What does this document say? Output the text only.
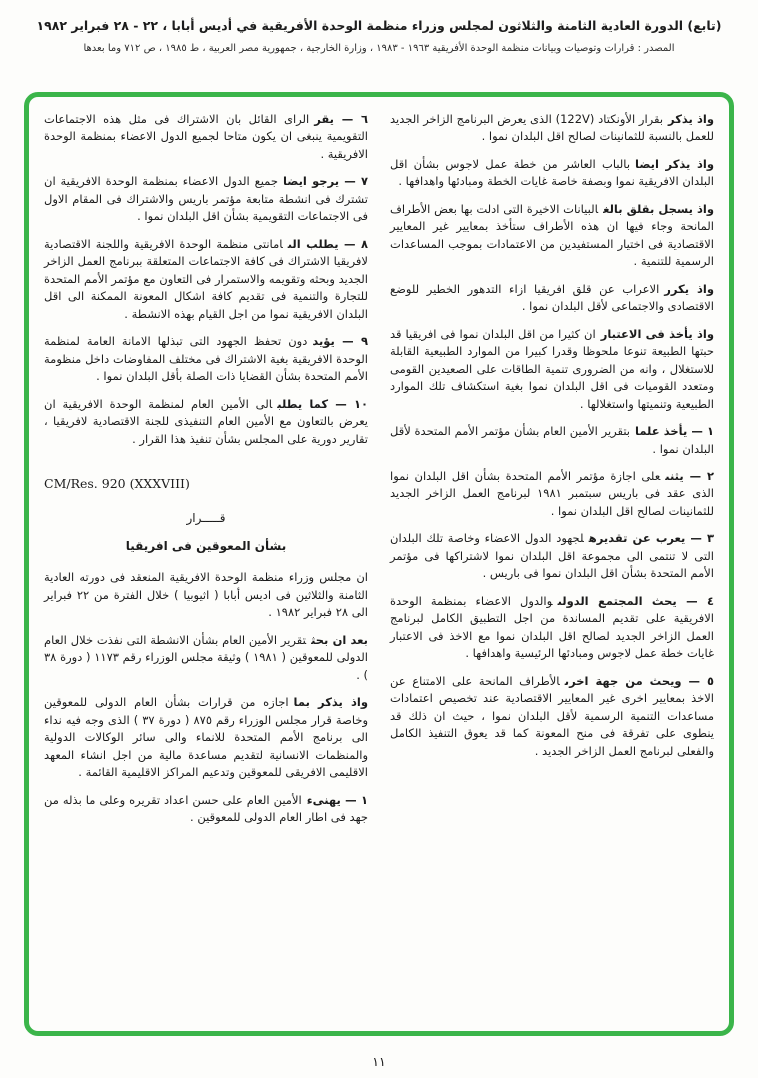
(تابع) الدورة العادية الثامنة والثلاثون لمجلس وزراء منظمة الوحدة الأفريقية في أديس أبابا ، ٢٢ - ٢٨ فبراير ١٩٨٢
المصدر : قرارات وتوصيات وبيانات منظمة الوحدة الأفريقية ١٩٦٣ - ١٩٨٣ ، وزارة الخارجية ، جمهورية مصر العربية ، ط ١٩٨٥ ، ص ٧١٢ وما بعدها

واذ يذكربقرار الأونكتاد (122V) الذى يعرض البرنامج الزاخر الجديد للعمل بالنسبة للثمانينات لصالح اقل البلدان نموا .

واذ يذكر ايضابالباب العاشر من خطة عمل لاجوس بشأن اقل البلدان الافريقية نموا وبصفة خاصة غايات الخطة ومبادئها واهدافها .

واذ يسجل بقلق بالغالبيانات الاخيرة التى ادلت بها بعض الأطراف المانحة وجاء فيها ان هذه الأطراف ستأخذ بمعايير غير المعايير الاقتصادية فى اختيار المستفيدين من الاعتمادات بموجب المساعدات الرسمية للتنمية .

واذ يكررالاعراب عن قلق افريقيا ازاء التدهور الخطير للوضع الاقتصادى والاجتماعى لأقل البلدان نموا .

واذ يأخذ فى الاعتباران كثيرا من اقل البلدان نموا فى افريقيا قد حبتها الطبيعة تنوعا ملحوظا وقدرا كبيرا من الموارد الطبيعية القابلة للاستغلال ، وانه من الضرورى تنمية الطاقات على الصعيدين القومى ومتعدد القوميات فى اقل البلدان نموا بغية استكشاف تلك الموارد الطبيعية وتنميتها واستغلالها .

١ — يأخذ علمابتقرير الأمين العام بشأن مؤتمر الأمم المتحدة لأقل البلدان نموا .

٢ — يثنىعلى اجازة مؤتمر الأمم المتحدة بشأن اقل البلدان نموا الذى عقد فى باريس سبتمبر ١٩٨١ لبرنامج العمل الزاخر الجديد للثمانينات لصالح اقل البلدان نموا .

٣ — يعرب عن تقديرهلجهود الدول الاعضاء وخاصة تلك البلدان التى لا تنتمى الى مجموعة اقل البلدان نموا لاشتراكها فى مؤتمر الأمم المتحدة بشأن اقل البلدان نموا فى باريس .

٤ — يحث المجتمع الدولىوالدول الاعضاء بمنظمة الوحدة الافريقية على تقديم المساندة من اجل التطبيق الكامل لبرنامج العمل الزاخر الجديد لصالح اقل البلدان نموا مع الاخذ فى الاعتبار غايات خطة عمل لاجوس ومبادئها الرئيسية واهدافها .

٥ — ويحث من جهة اخرىالأطراف المانحة على الامتناع عن الاخذ بمعايير اخرى غير المعايير الاقتصادية عند تخصيص اعتمادات مساعدات التنمية الرسمية لأقل البلدان نموا ، حيث ان ذلك قد ينطوى على تفرقة فى منح المعونة كما قد يعوق التنفيذ الكامل والفعلى لبرنامج العمل الزاخر الجديد .

٦ — يقرالراى القائل بان الاشتراك فى مثل هذه الاجتماعات التقويمية ينبغى ان يكون متاحا لجميع الدول الاعضاء بمنظمة الوحدة الافريقية .

٧ — يرجو ايضاجميع الدول الاعضاء بمنظمة الوحدة الافريقية ان تشترك فى انشطة متابعة مؤتمر باريس والاشتراك فى المقام الاول فى الاجتماعات التقويمية بشأن اقل البلدان نموا .

٨ — يطلب الىامانتى منظمة الوحدة الافريقية واللجنة الاقتصادية لافريقيا الاشتراك فى كافة الاجتماعات المتعلقة ببرنامج العمل الزاخر الجديد وبحثه وتقويمه والاستمرار فى التعاون مع مؤتمر الأمم المتحدة للتجارة والتنمية فى تقديم كافة اشكال المعونة الممكنة الى اقل البلدان الافريقية نموا من اجل القيام بهذه الانشطة .

٩ — يؤيددون تحفظ الجهود التى تبذلها الامانة العامة لمنظمة الوحدة الافريقية بغية الاشتراك فى مختلف المفاوضات داخل منظومة الأمم المتحدة بشأن القضايا ذات الصلة بأقل البلدان نموا .

١٠ — كما يطلبالى الأمين العام لمنظمة الوحدة الافريقية ان يعرض بالتعاون مع الأمين العام التنفيذى للجنة الاقتصادية لافريقيا ، تقارير دورية على المجلس بشأن تنفيذ هذا القرار .

CM/Res. 920 (XXXVIII)

قـــــرار

بشأن المعوقين فى افريقيا

ان مجلس وزراء منظمة الوحدة الافريقية المنعقد فى دورته العادية الثامنة والثلاثين فى اديس أبابا ( اثيوبيا ) خلال الفترة من ٢٢ فبراير الى ٢٨ فبراير ١٩٨٢ .

بعد ان بحثتقرير الأمين العام بشأن الانشطة التى نفذت خلال العام الدولى للمعوقين ( ١٩٨١ ) وثيقة مجلس الوزراء رقم ١١٧٣ ( دورة ٣٨ ) .

واذ يذكر بمااجازه من قرارات بشأن العام الدولى للمعوقين وخاصة قرار مجلس الوزراء رقم ٨٧٥ ( دورة ٣٧ ) الذى وجه فيه نداء الى برنامج الأمم المتحدة للانماء والى سائر الوكالات الدولية والمنظمات الانسانية لتقديم مساعدة مالية من اجل انشاء المعهد الاقليمى الافريقى للمعوقين وتدعيم المراكز الاقليمية القائمة .

١ — يهنىءالأمين العام على حسن اعداد تقريره وعلى ما بذله من جهد فى اطار العام الدولى للمعوقين .

١١
